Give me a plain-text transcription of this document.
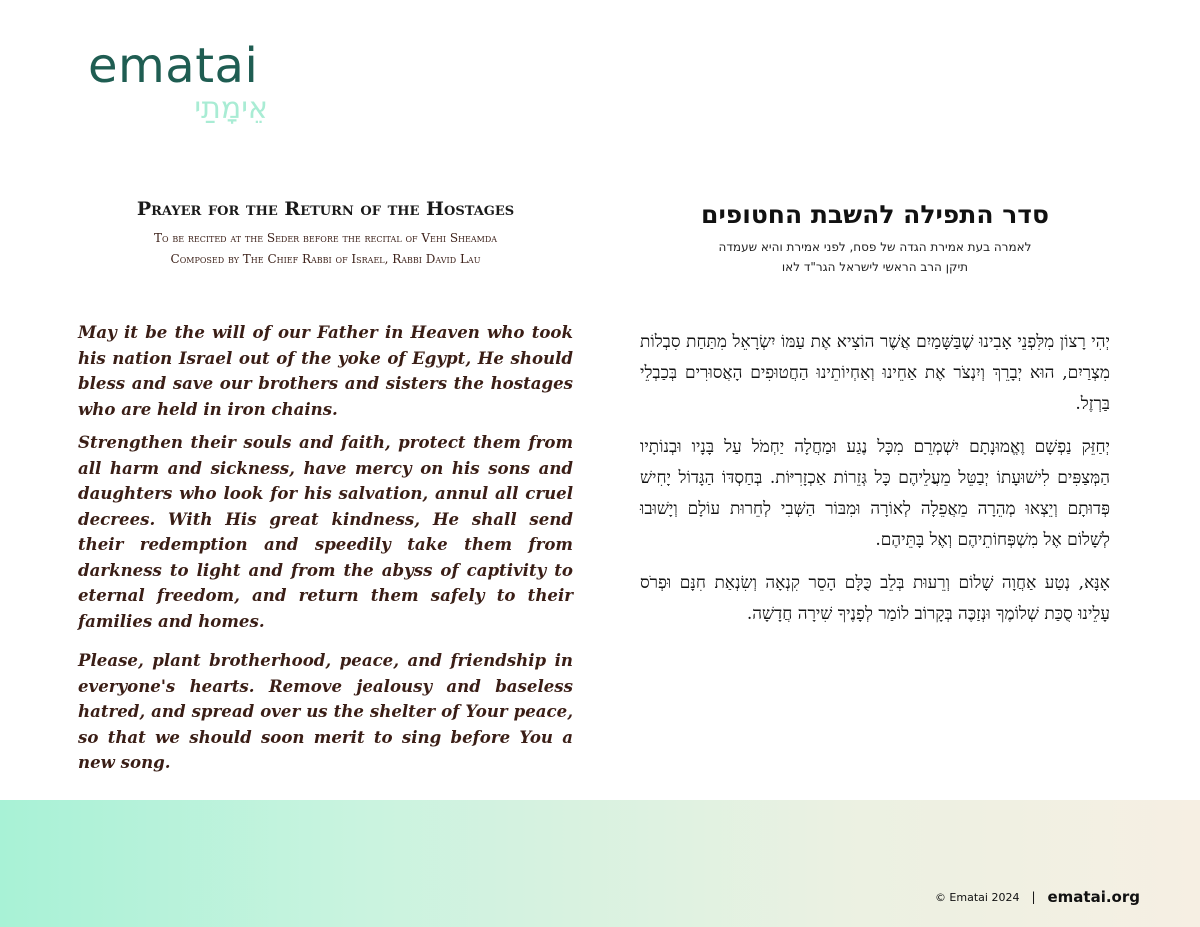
ematai
אֵימָתַי
Prayer for the Return of the Hostages
To be recited at the Seder before the recital of Vehi Sheamda
Composed by The Chief Rabbi of Israel, Rabbi David Lau

May it be the will of our Father in Heaven who took his nation Israel out of the yoke of Egypt, He should bless and save our brothers and sisters the hostages who are held in iron chains.

Strengthen their souls and faith, protect them from all harm and sickness, have mercy on his sons and daughters who look for his salvation, annul all cruel decrees. With His great kindness, He shall send their redemption and speedily take them from darkness to light and from the abyss of captivity to eternal freedom, and return them safely to their families and homes.

Please, plant brotherhood, peace, and friendship in everyone's hearts. Remove jealousy and baseless hatred, and spread over us the shelter of Your peace, so that we should soon merit to sing before You a new song.

סדר התפילה להשבת החטופים
לאמרה בעת אמירת הגדה של פסח, לפני אמירת והיא שעמדה
תיקן הרב הראשי לישראל הגר"ד לאו

יְהִי רָצוֹן מִלִּפְנֵי אָבִינוּ שֶׁבַּשָּׁמַיִם אֲשֶׁר הוֹצִיא אֶת עַמּוֹ יִשְׂרָאֵל מִתַּחַת סִבְלוֹת מִצְרַיִם, הוּא יְבָרֵךְ וְיִנְצֹר אֶת אַחֵינוּ וְאַחְיוֹתֵינוּ הַחֲטוּפִים הָאֲסוּרִים בְּכַבְלֵי בַּרְזֶל.

יְחַזֵּק נַפְשָׁם וֶאֱמוּנָתָם יִשְׁמְרֵם מִכָּל נֶגַע וּמַחֲלָה יַחְמֹל עַל בָּנָיו וּבְנוֹתָיו הַמְּצַפִּים לִישׁוּעָתוֹ יְבַטֵּל מֵעֲלֵיהֶם כָּל גְּזֵרוֹת אַכְזָרִיּוֹת. בְּחַסְדּוֹ הַגָּדוֹל יָחִישׁ פְּדוּתָם וְיֵצְאוּ מְהֵרָה מֵאֲפֵלָה לְאוֹרָה וּמִבּוֹר הַשְּׁבִי לְחֵרוּת עוֹלָם וְיָשׁוּבוּ לְשָׁלוֹם אֶל מִשְׁפְּחוֹתֵיהֶם וְאֶל בָּתֵּיהֶם.

אָנָּא, נְטַע אַחֲוָה שָׁלוֹם וְרֵעוּת בְּלֵב כֻּלָּם הָסֵר קִנְאָה וְשִׂנְאַת חִנָּם וּפְרֹס עָלֵינוּ סֻכַּת שְׁלוֹמֶךָ וּנְזַכֶּה בְּקָרוֹב לוֹמַר לְפָנֶיךָ שִׁירָה חֲדָשָׁה.

© Ematai 2024 | ematai.org
